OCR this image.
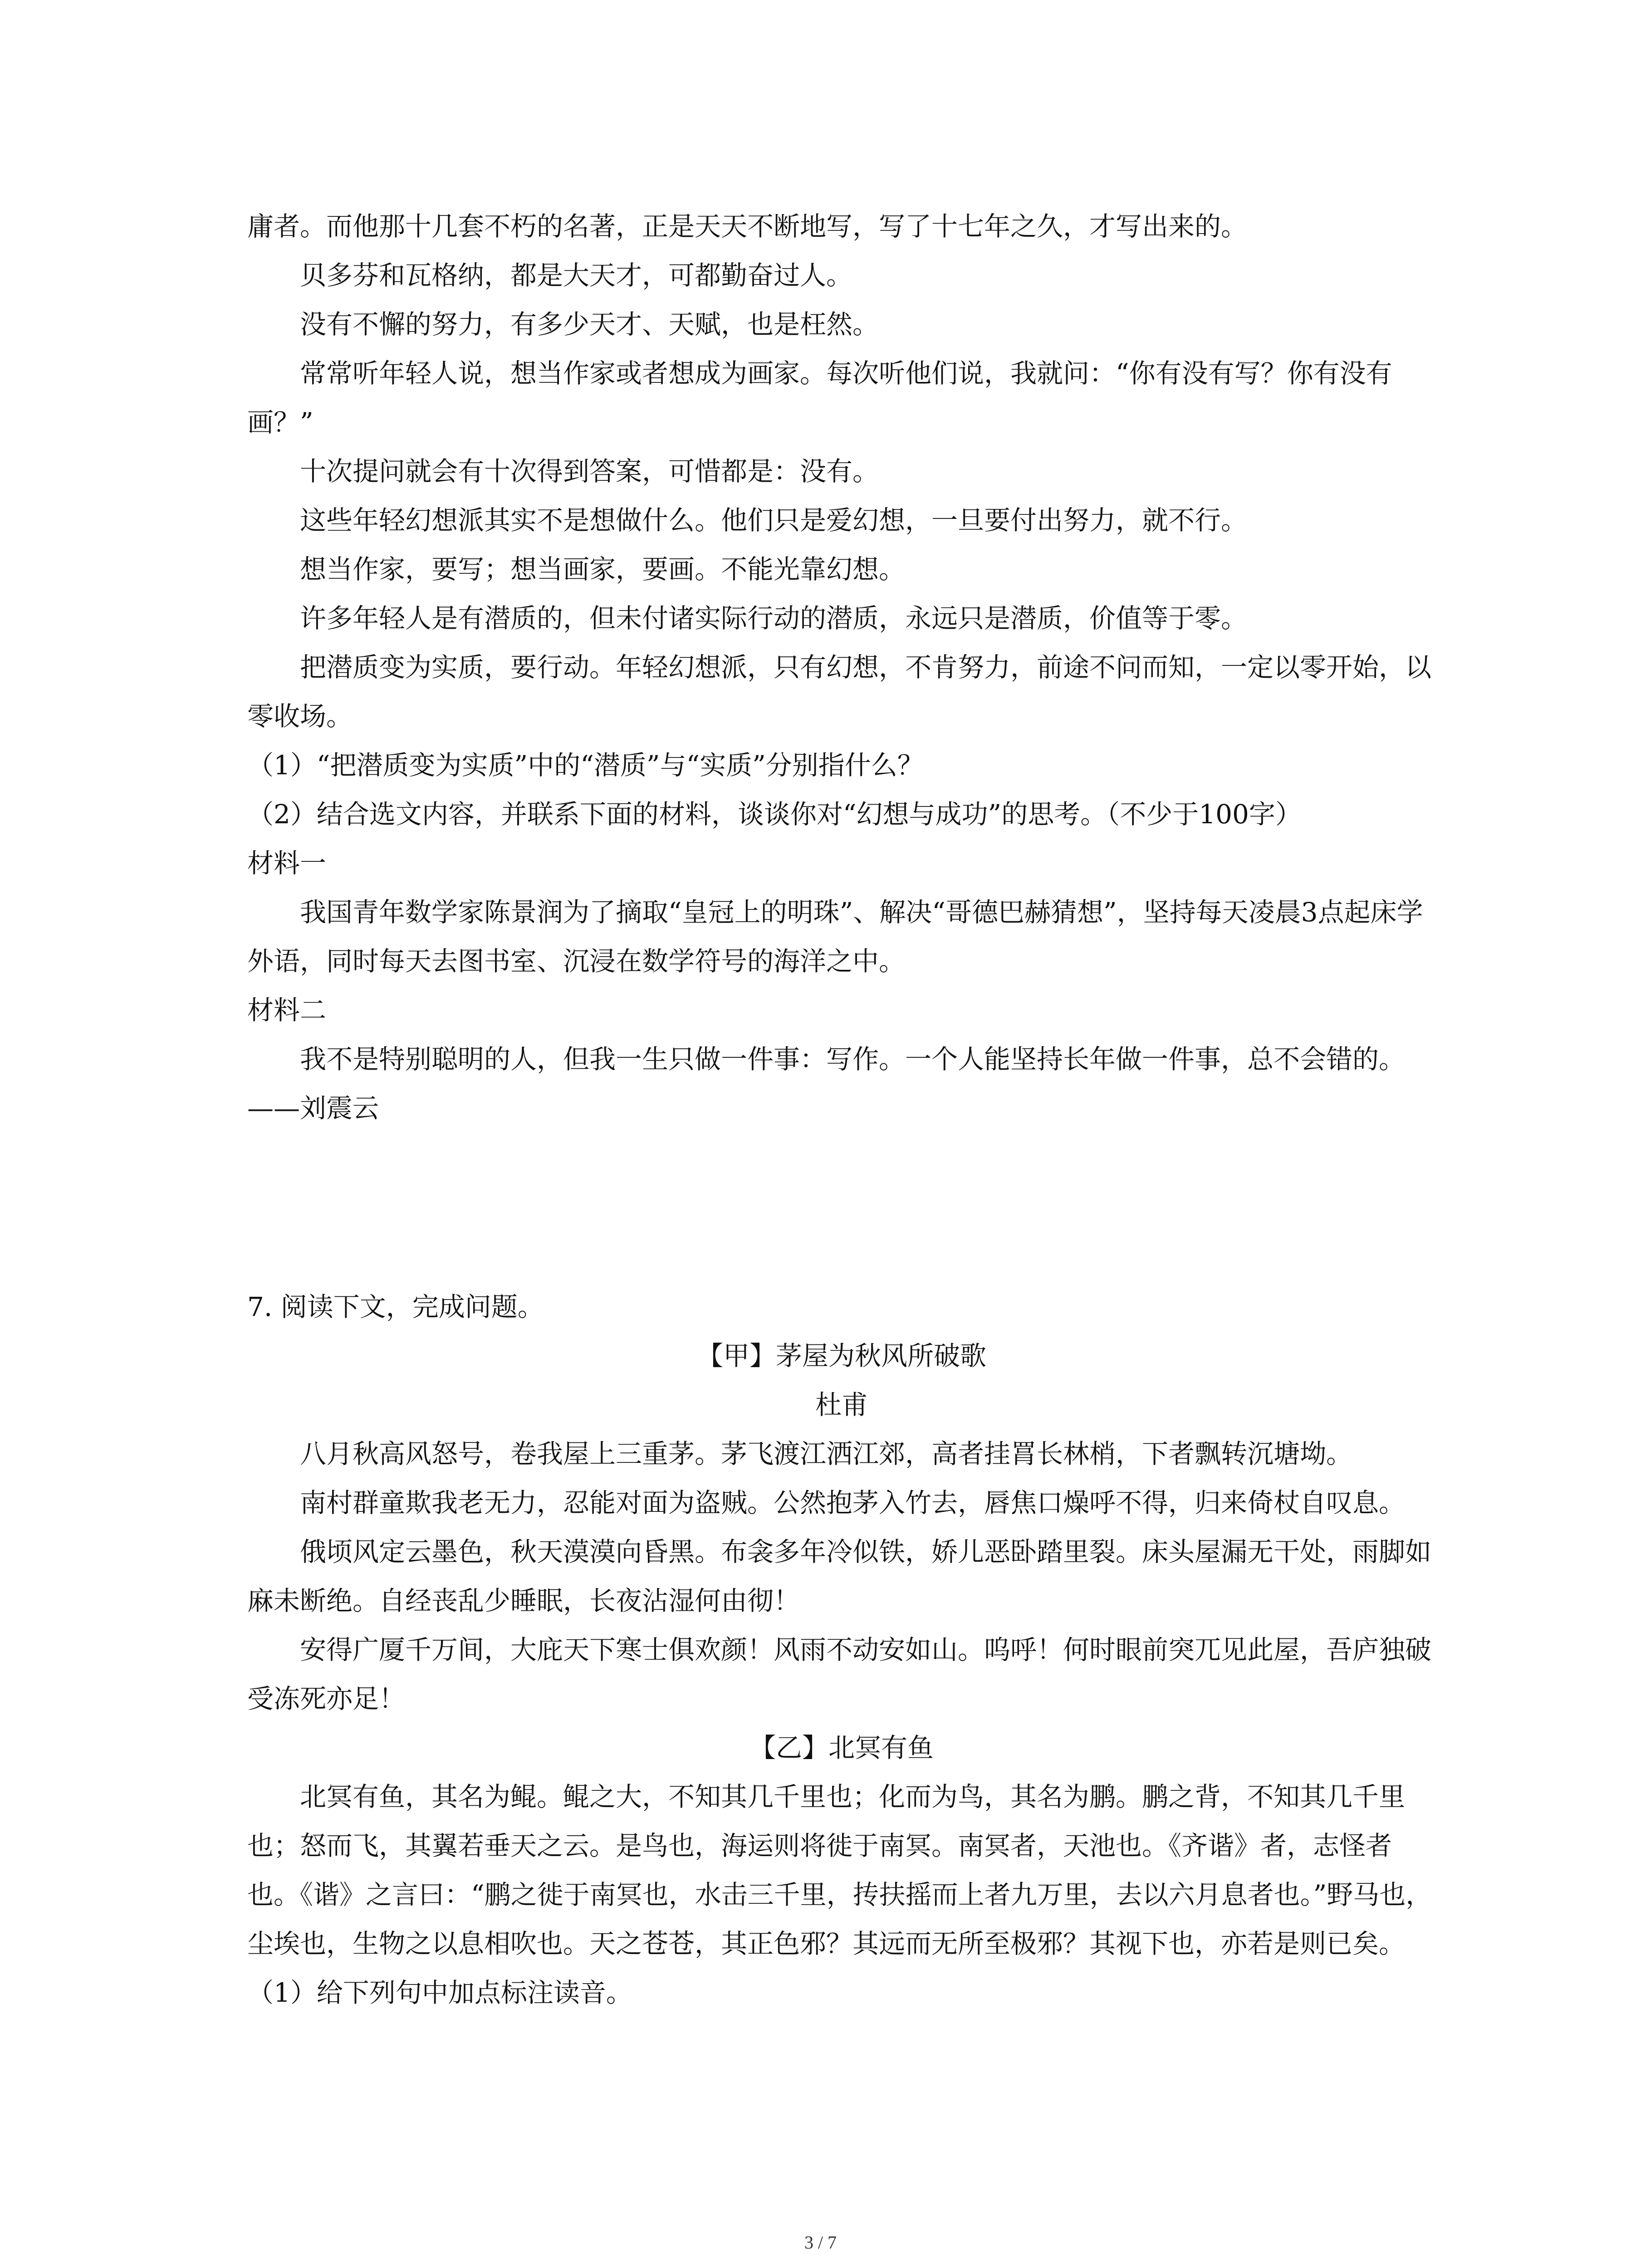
庸者。而他那十几套不朽的名著，正是天天不断地写，写了十七年之久，才写出来的。

贝多芬和瓦格纳，都是大天才，可都勤奋过人。

没有不懈的努力，有多少天才、天赋，也是枉然。

常常听年轻人说，想当作家或者想成为画家。每次听他们说，我就问：“你有没有写？你有没有画？”

十次提问就会有十次得到答案，可惜都是：没有。

这些年轻幻想派其实不是想做什么。他们只是爱幻想，一旦要付出努力，就不行。

想当作家，要写；想当画家，要画。不能光靠幻想。

许多年轻人是有潜质的，但未付诸实际行动的潜质，永远只是潜质，价值等于零。

把潜质变为实质，要行动。年轻幻想派，只有幻想，不肯努力，前途不问而知，一定以零开始，以零收场。

（1）“把潜质变为实质”中的“潜质”与“实质”分别指什么？

（2）结合选文内容，并联系下面的材料，谈谈你对“幻想与成功”的思考。（不少于100字）

材料一

我国青年数学家陈景润为了摘取“皇冠上的明珠”、解决“哥德巴赫猜想”，坚持每天凌晨3点起床学外语，同时每天去图书室、沉浸在数学符号的海洋之中。

材料二

我不是特别聪明的人，但我一生只做一件事：写作。一个人能坚持长年做一件事，总不会错的。

——刘震云

7. 阅读下文，完成问题。

【甲】茅屋为秋风所破歌

杜甫

八月秋高风怒号，卷我屋上三重茅。茅飞渡江洒江郊，高者挂罥长林梢，下者飘转沉塘坳。

南村群童欺我老无力，忍能对面为盗贼。公然抱茅入竹去，唇焦口燥呼不得，归来倚杖自叹息。

俄顷风定云墨色，秋天漠漠向昏黑。布衾多年冷似铁，娇儿恶卧踏里裂。床头屋漏无干处，雨脚如麻未断绝。自经丧乱少睡眠，长夜沾湿何由彻！

安得广厦千万间，大庇天下寒士俱欢颜！风雨不动安如山。呜呼！何时眼前突兀见此屋，吾庐独破受冻死亦足！

【乙】北冥有鱼

北冥有鱼，其名为鲲。鲲之大，不知其几千里也；化而为鸟，其名为鹏。鹏之背，不知其几千里也；怒而飞，其翼若垂天之云。是鸟也，海运则将徙于南冥。南冥者，天池也。《齐谐》者，志怪者也。《谐》之言曰：“鹏之徙于南冥也，水击三千里，抟扶摇而上者九万里，去以六月息者也。”野马也，尘埃也，生物之以息相吹也。天之苍苍，其正色邪？其远而无所至极邪？其视下也，亦若是则已矣。

（1）给下列句中加点标注读音。

3 / 7
